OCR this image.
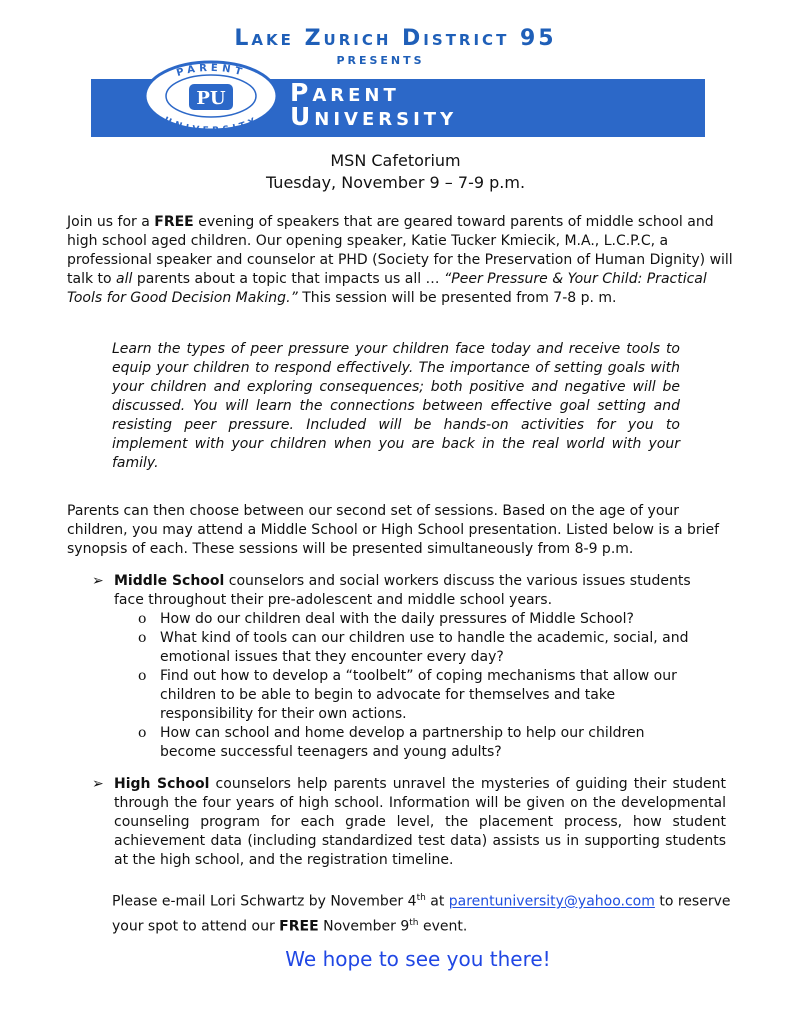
Lake Zurich District 95
PRESENTS
PARENT
UNIVERSITY
PU	Parent
University
MSN Cafetorium
Tuesday, November 9 – 7-9 p.m.
Join us for a FREE evening of speakers that are geared toward parents of middle school and high school aged children. Our opening speaker, Katie Tucker Kmiecik, M.A., L.C.P.C, a professional speaker and counselor at PHD (Society for the Preservation of Human Dignity) will talk to all parents about a topic that impacts us all … “Peer Pressure & Your Child: Practical Tools for Good Decision Making.” This session will be presented from 7-8 p. m.
Learn the types of peer pressure your children face today and receive tools to equip your children to respond effectively. The importance of setting goals with your children and exploring consequences; both positive and negative will be discussed. You will learn the connections between effective goal setting and resisting peer pressure. Included will be hands-on activities for you to implement with your children when you are back in the real world with your family.
Parents can then choose between our second set of sessions. Based on the age of your children, you may attend a Middle School or High School presentation. Listed below is a brief synopsis of each. These sessions will be presented simultaneously from 8-9 p.m.
➢ Middle School counselors and social workers discuss the various issues students face throughout their pre-adolescent and middle school years.
ο How do our children deal with the daily pressures of Middle School?
ο What kind of tools can our children use to handle the academic, social, and emotional issues that they encounter every day?
ο Find out how to develop a “toolbelt” of coping mechanisms that allow our children to be able to begin to advocate for themselves and take responsibility for their own actions.
ο How can school and home develop a partnership to help our children become successful teenagers and young adults?
➢ High School counselors help parents unravel the mysteries of guiding their student through the four years of high school. Information will be given on the developmental counseling program for each grade level, the placement process, how student achievement data (including standardized test data) assists us in supporting students at the high school, and the registration timeline.
Please e-mail Lori Schwartz by November 4th at parentuniversity@yahoo.com to reserve your spot to attend our FREE November 9th event.
We hope to see you there!
